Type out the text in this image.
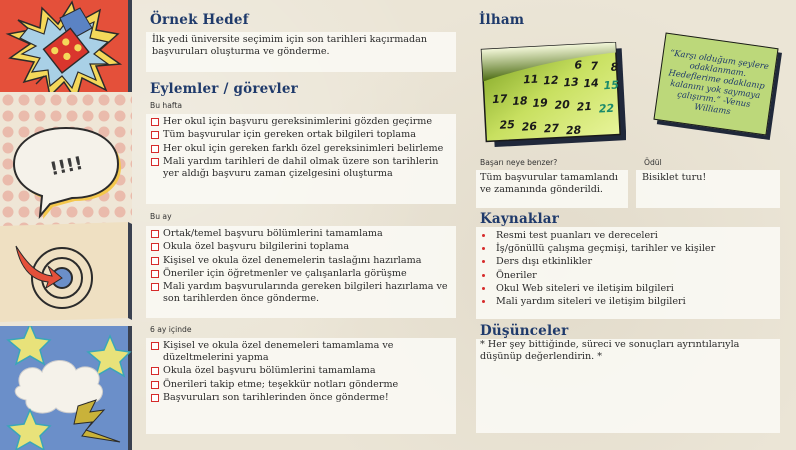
!!!!
Örnek Hedef
İlk yedi üniversite seçimim için son tarihleri kaçırmadan başvuruları oluşturma ve gönderme.
Eylemler / görevler
Bu hafta
Her okul için başvuru gereksinimlerini gözden geçirme
Tüm başvurular için gereken ortak bilgileri toplama
Her okul için gereken farklı özel gereksinimleri belirleme
Mali yardım tarihleri de dahil olmak üzere son tarihlerin yer aldığı başvuru zaman çizelgesini oluşturma
Bu ay
Ortak/temel başvuru bölümlerini tamamlama
Okula özel başvuru bilgilerini toplama
Kişisel ve okula özel denemelerin taslağını hazırlama
Öneriler için öğretmenler ve çalışanlarla görüşme
Mali yardım başvurularında gereken bilgileri hazırlama ve son tarihlerden önce gönderme.
6 ay içinde
Kişisel ve okula özel denemeleri tamamlama ve düzeltmelerini yapma
Okula özel başvuru bölümlerini tamamlama
Önerileri takip etme; teşekkür notları gönderme
Başvuruları son tarihlerinden önce gönderme!
İlham
6 7 8
11 12 13 14 15
17 18 19 20 21 22
25 26 27 28
“Karşı olduğum şeylere odaklanmam. Hedeflerime odaklanıp kalanını yok saymaya çalışırım.” -Venus Williams
Başarı neye benzer?
Tüm başvurular tamamlandı ve zamanında gönderildi.
Ödül
Bisiklet turu!
Kaynaklar
Resmi test puanları ve dereceleri
İş/gönüllü çalışma geçmişi, tarihler ve kişiler
Ders dışı etkinlikler
Öneriler
Okul Web siteleri ve iletişim bilgileri
Mali yardım siteleri ve iletişim bilgileri
Düşünceler
* Her şey bittiğinde, süreci ve sonuçları ayrıntılarıyla düşünüp değerlendirin. *
